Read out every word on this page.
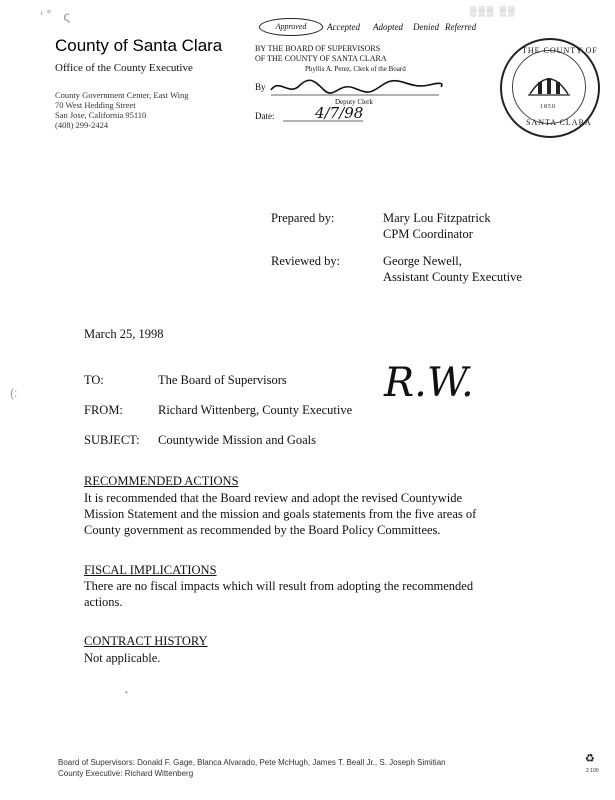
‘ ˚   ς
County of Santa Clara
Office of the County Executive
County Government Center, East Wing
70 West Hedding Street
San Jose, California 95110
(408) 299-2424
Approved	Accepted Adopted Denied Referred
BY THE BOARD OF SUPERVISORS
OF THE COUNTY OF SANTA CLARA
Phyllis A. Perez, Clerk of the Board
By
Deputy Clerk
Date:	4/7/98
▒▒▒ ▒▒
THE COUNTY OF
SANTA CLARA
1850
Prepared by:	Mary Lou Fitzpatrick
CPM Coordinator
Reviewed by:	George Newell,
Assistant County Executive
March 25, 1998
TO:	The Board of Supervisors
FROM:	Richard Wittenberg, County Executive
R.W.
SUBJECT: Countywide Mission and Goals
RECOMMENDED ACTIONS
It is recommended that the Board review and adopt the revised Countywide
Mission Statement and the mission and goals statements from the five areas of
County government as recommended by the Board Policy Committees.
FISCAL IMPLICATIONS
There are no fiscal impacts which will result from adopting the recommended
actions.
CONTRACT HISTORY
Not applicable.
(:
•
Board of Supervisors: Donald F. Gage, Blanca Alvarado, Pete McHugh, James T. Beall Jr., S. Joseph Simitian
County Executive: Richard Wittenberg
♻
2.100
